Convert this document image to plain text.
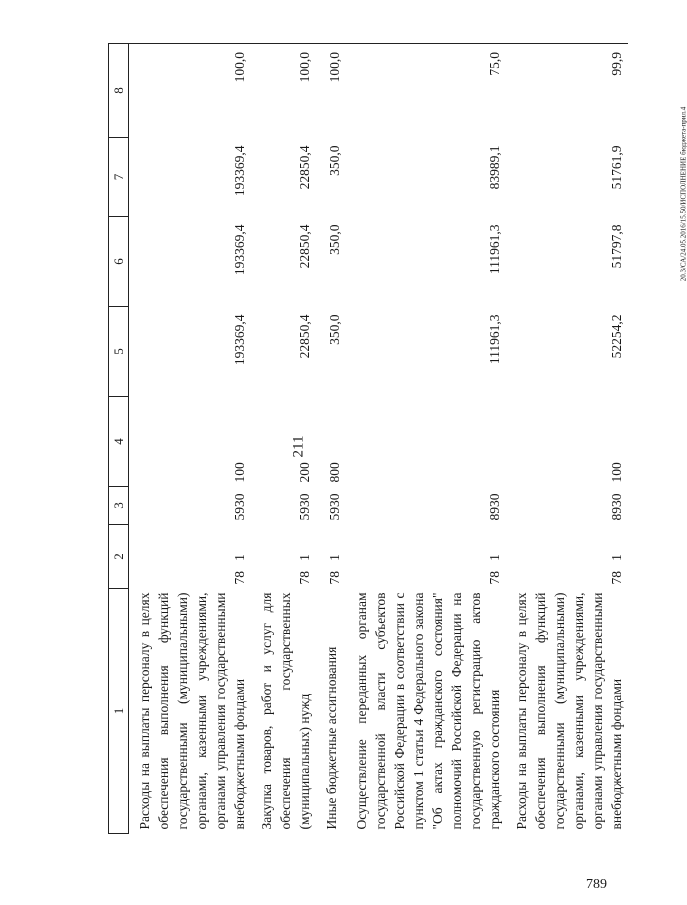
211
789
20.3/СА/24.05.2016/15.50/ИСПОЛНЕНИЕ бюджета-прил.4
1	2	3	4	5	6	7	8
Расходы на выплаты персоналу в целях обеспечения выполнения функций государственными (муниципальными) органами, казенными учреждениями, органами управления государственными внебюджетными фондами	78   1	5930	100	193369,4	193369,4	193369,4	100,0
Закупка товаров, работ и услуг для обеспечения государственных (муниципальных) нужд	78   1	5930	200	22850,4	22850,4	22850,4	100,0
Иные бюджетные ассигнования	78   1	5930	800	350,0	350,0	350,0	100,0
Осуществление переданных органам государственной власти субъектов Российской Федерации в соответствии с пунктом 1 статьи 4 Федерального закона "Об актах гражданского состояния" полномочий Российской Федерации на государственную регистрацию актов гражданского состояния	78   1	8930		111961,3	111961,3	83989,1	75,0
Расходы на выплаты персоналу в целях обеспечения выполнения функций государственными (муниципальными) органами, казенными учреждениями, органами управления государственными внебюджетными фондами	78   1	8930	100	52254,2	51797,8	51761,9	99,9
